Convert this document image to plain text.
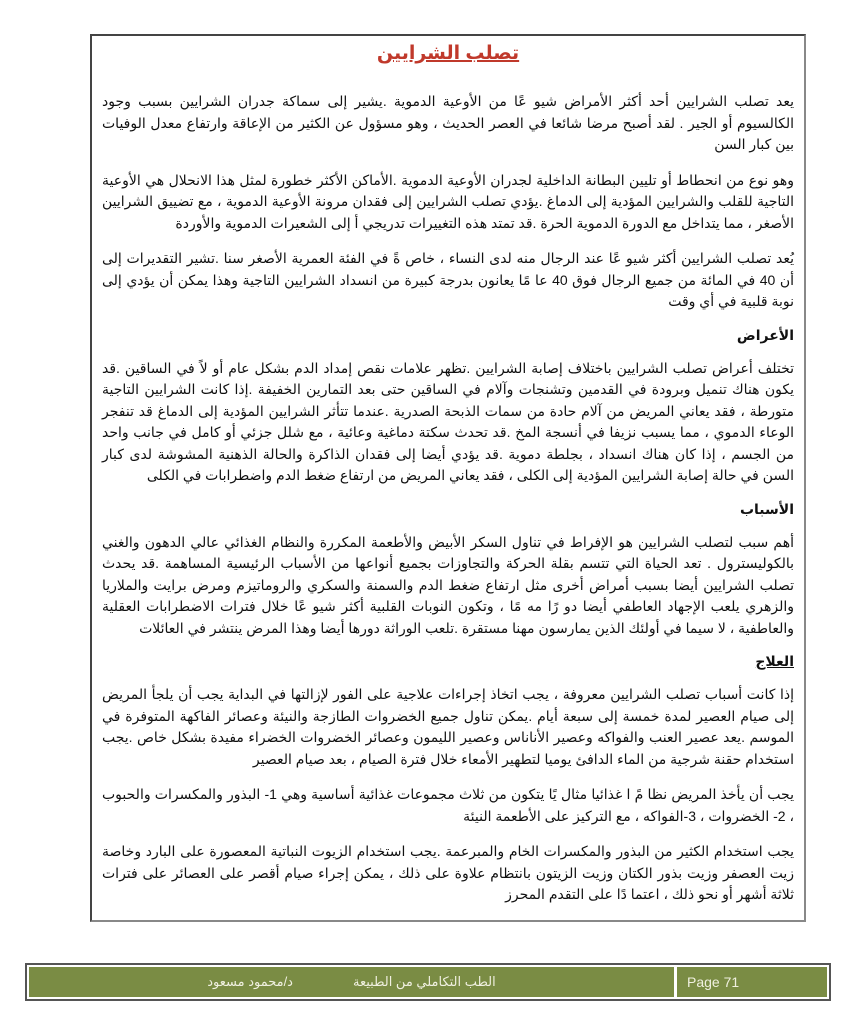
تصلب الشرايين

يعد تصلب الشرايين أحد أكثر الأمراض شيو عًا من الأوعية الدموية .يشير إلى سماكة جدران الشرايين بسبب وجود الكالسيوم أو الجير . لقد أصبح مرضا شائعا في العصر الحديث ، وهو مسؤول عن الكثير من الإعاقة وارتفاع معدل الوفيات بين كبار السن

وهو نوع من انحطاط أو تليين البطانة الداخلية لجدران الأوعية الدموية .الأماكن الأكثر خطورة لمثل هذا الانحلال هي الأوعية التاجية للقلب والشرايين المؤدية إلى الدماغ .يؤدي تصلب الشرايين إلى فقدان مرونة الأوعية الدموية ، مع تضييق الشرايين الأصغر ، مما يتداخل مع الدورة الدموية الحرة .قد تمتد هذه التغييرات تدريجي أ إلى الشعيرات الدموية والأوردة

يُعد تصلب الشرايين أكثر شيو عًا عند الرجال منه لدى النساء ، خاص ةً في الفئة العمرية الأصغر سنا .تشير التقديرات إلى أن 40 في المائة من جميع الرجال فوق 40 عا مًا يعانون بدرجة كبيرة من انسداد الشرايين التاجية وهذا يمكن أن يؤدي إلى نوبة قلبية في أي وقت

الأعراض

تختلف أعراض تصلب الشرايين باختلاف إصابة الشرايين .تظهر علامات نقص إمداد الدم بشكل عام أو لاً في الساقين .قد يكون هناك تنميل وبرودة في القدمين وتشنجات وآلام في الساقين حتى بعد التمارين الخفيفة .إذا كانت الشرايين التاجية متورطة ، فقد يعاني المريض من آلام حادة من سمات الذبحة الصدرية .عندما تتأثر الشرايين المؤدية إلى الدماغ قد تنفجر الوعاء الدموي ، مما يسبب نزيفا في أنسجة المخ .قد تحدث سكتة دماغية وعائية ، مع شلل جزئي أو كامل في جانب واحد من الجسم ، إذا كان هناك انسداد ، بجلطة دموية .قد يؤدي أيضا إلى فقدان الذاكرة والحالة الذهنية المشوشة لدى كبار السن في حالة إصابة الشرايين المؤدية إلى الكلى ، فقد يعاني المريض من ارتفاع ضغط الدم واضطرابات في الكلى

الأسباب

أهم سبب لتصلب الشرايين هو الإفراط في تناول السكر الأبيض والأطعمة المكررة والنظام الغذائي عالي الدهون والغني بالكوليسترول . تعد الحياة التي تتسم بقلة الحركة والتجاوزات بجميع أنواعها من الأسباب الرئيسية المساهمة .قد يحدث تصلب الشرايين أيضا بسبب أمراض أخرى مثل ارتفاع ضغط الدم والسمنة والسكري والروماتيزم ومرض برايت والملاريا والزهري يلعب الإجهاد العاطفي أيضا دو رًا مه مًا ، وتكون النوبات القلبية أكثر شيو عًا خلال فترات الاضطرابات العقلية والعاطفية ، لا سيما في أولئك الذين يمارسون مهنا مستقرة .تلعب الوراثة دورها أيضا وهذا المرض ينتشر في العائلات

العلاج

إذا كانت أسباب تصلب الشرايين معروفة ، يجب اتخاذ إجراءات علاجية على الفور لإزالتها في البداية يجب أن يلجأ المريض إلى صيام العصير لمدة خمسة إلى سبعة أيام .يمكن تناول جميع الخضروات الطازجة والنيئة وعصائر الفاكهة المتوفرة في الموسم .يعد عصير العنب والفواكه وعصير الأناناس وعصير الليمون وعصائر الخضروات الخضراء مفيدة بشكل خاص .يجب استخدام حقنة شرجية من الماء الدافئ يوميا لتطهير الأمعاء خلال فترة الصيام ، بعد صيام العصير

يجب أن يأخذ المريض نظا مً ا غذائيا مثال يًا يتكون من ثلاث مجموعات غذائية أساسية وهي 1- البذور والمكسرات والحبوب ، 2- الخضروات ، 3-الفواكه ، مع التركيز على الأطعمة النيئة

يجب استخدام الكثير من البذور والمكسرات الخام والمبرعمة .يجب استخدام الزيوت النباتية المعصورة على البارد وخاصة زيت العصفر وزيت بذور الكتان وزيت الزيتون بانتظام علاوة على ذلك ، يمكن إجراء صيام أقصر على العصائر على فترات ثلاثة أشهر أو نحو ذلك ، اعتما دًا على التقدم المحرز

الطب التكاملي من الطبيعة
د/محمود مسعود	Page 71
